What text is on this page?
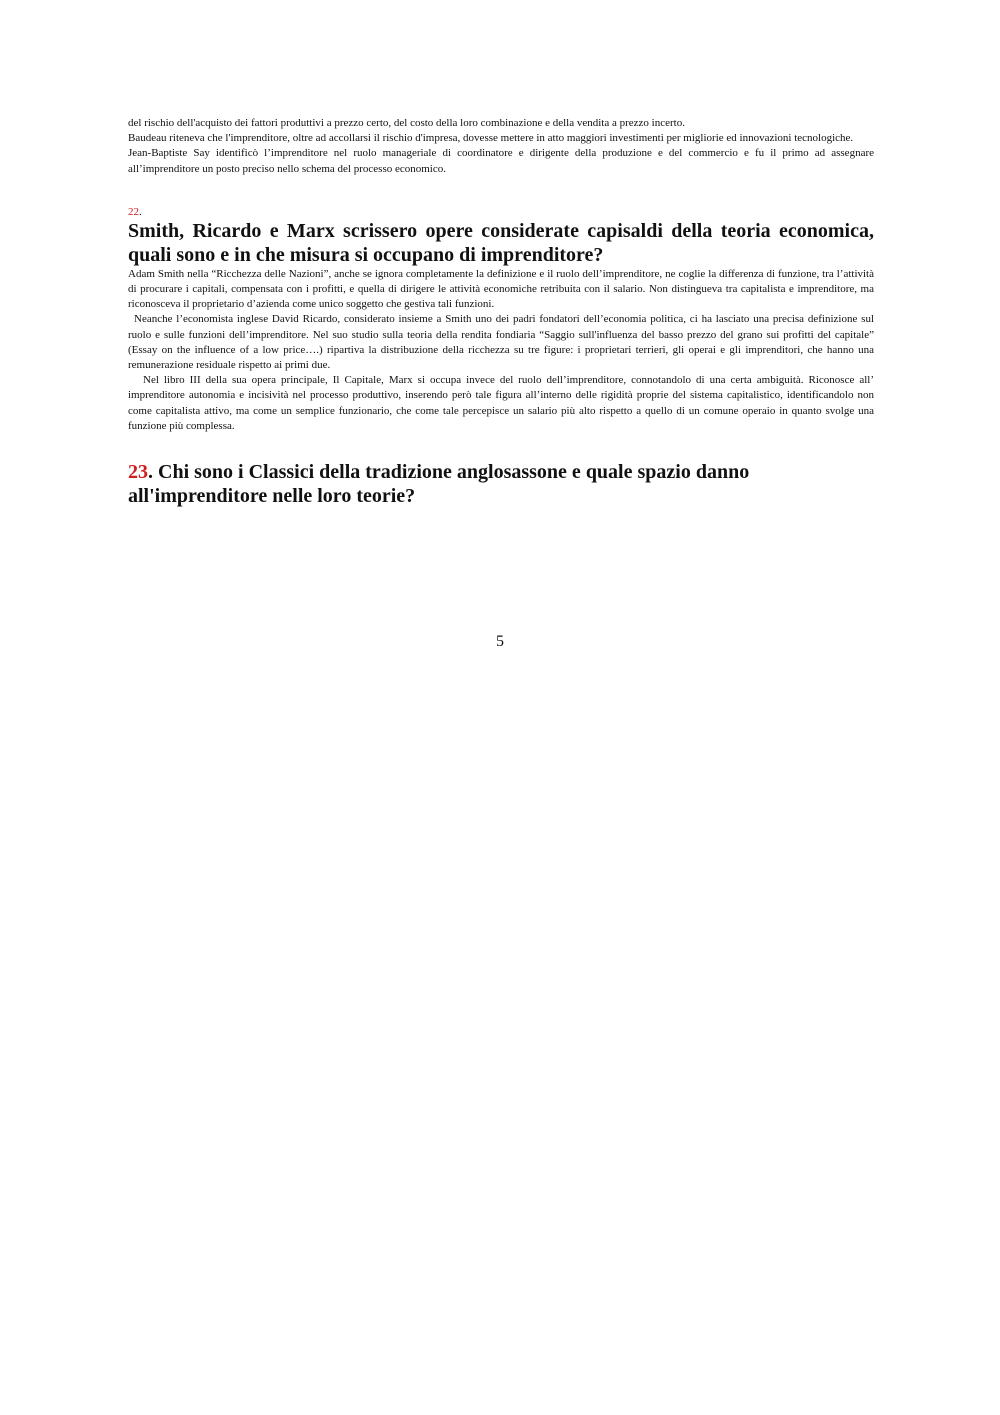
del rischio dell'acquisto dei fattori produttivi a prezzo certo, del costo della loro combinazione e della vendita a prezzo incerto.

Baudeau riteneva che l'imprenditore, oltre ad accollarsi il rischio d'impresa, dovesse mettere in atto maggiori investimenti per migliorie ed innovazioni tecnologiche.

Jean-Baptiste Say identificò l’imprenditore nel ruolo manageriale di coordinatore e dirigente della produzione e del commercio e fu il primo ad assegnare all’imprenditore un posto preciso nello schema del processo economico.

22.

Smith, Ricardo e Marx scrissero opere considerate capisaldi della teoria economica, quali sono e in che misura si occupano di imprenditore?

Adam Smith nella “Ricchezza delle Nazioni”, anche se ignora completamente la definizione e il ruolo dell’imprenditore, ne coglie la differenza di funzione, tra l’attività di procurare i capitali, compensata con i profitti, e quella di dirigere le attività economiche retribuita con il salario. Non distingueva tra capitalista e imprenditore, ma riconosceva il proprietario d’azienda come unico soggetto che gestiva tali funzioni.

Neanche l’economista inglese David Ricardo, considerato insieme a Smith uno dei padri fondatori dell’economia politica, ci ha lasciato una precisa definizione sul ruolo e sulle funzioni dell’imprenditore. Nel suo studio sulla teoria della rendita fondiaria “Saggio sull'influenza del basso prezzo del grano sui profitti del capitale” (Essay on the influence of a low price….) ripartiva la distribuzione della ricchezza su tre figure: i proprietari terrieri, gli operai e gli imprenditori, che hanno una remunerazione residuale rispetto ai primi due.

Nel libro III della sua opera principale, Il Capitale, Marx si occupa invece del ruolo dell’imprenditore, connotandolo di una certa ambiguità. Riconosce all’ imprenditore autonomia e incisività nel processo produttivo, inserendo però tale figura all’interno delle rigidità proprie del sistema capitalistico, identificandolo non come capitalista attivo, ma come un semplice funzionario, che come tale percepisce un salario più alto rispetto a quello di un comune operaio in quanto svolge una funzione più complessa.

23. Chi sono i Classici della tradizione anglosassone e quale spazio danno
all'imprenditore nelle loro teorie?

5
